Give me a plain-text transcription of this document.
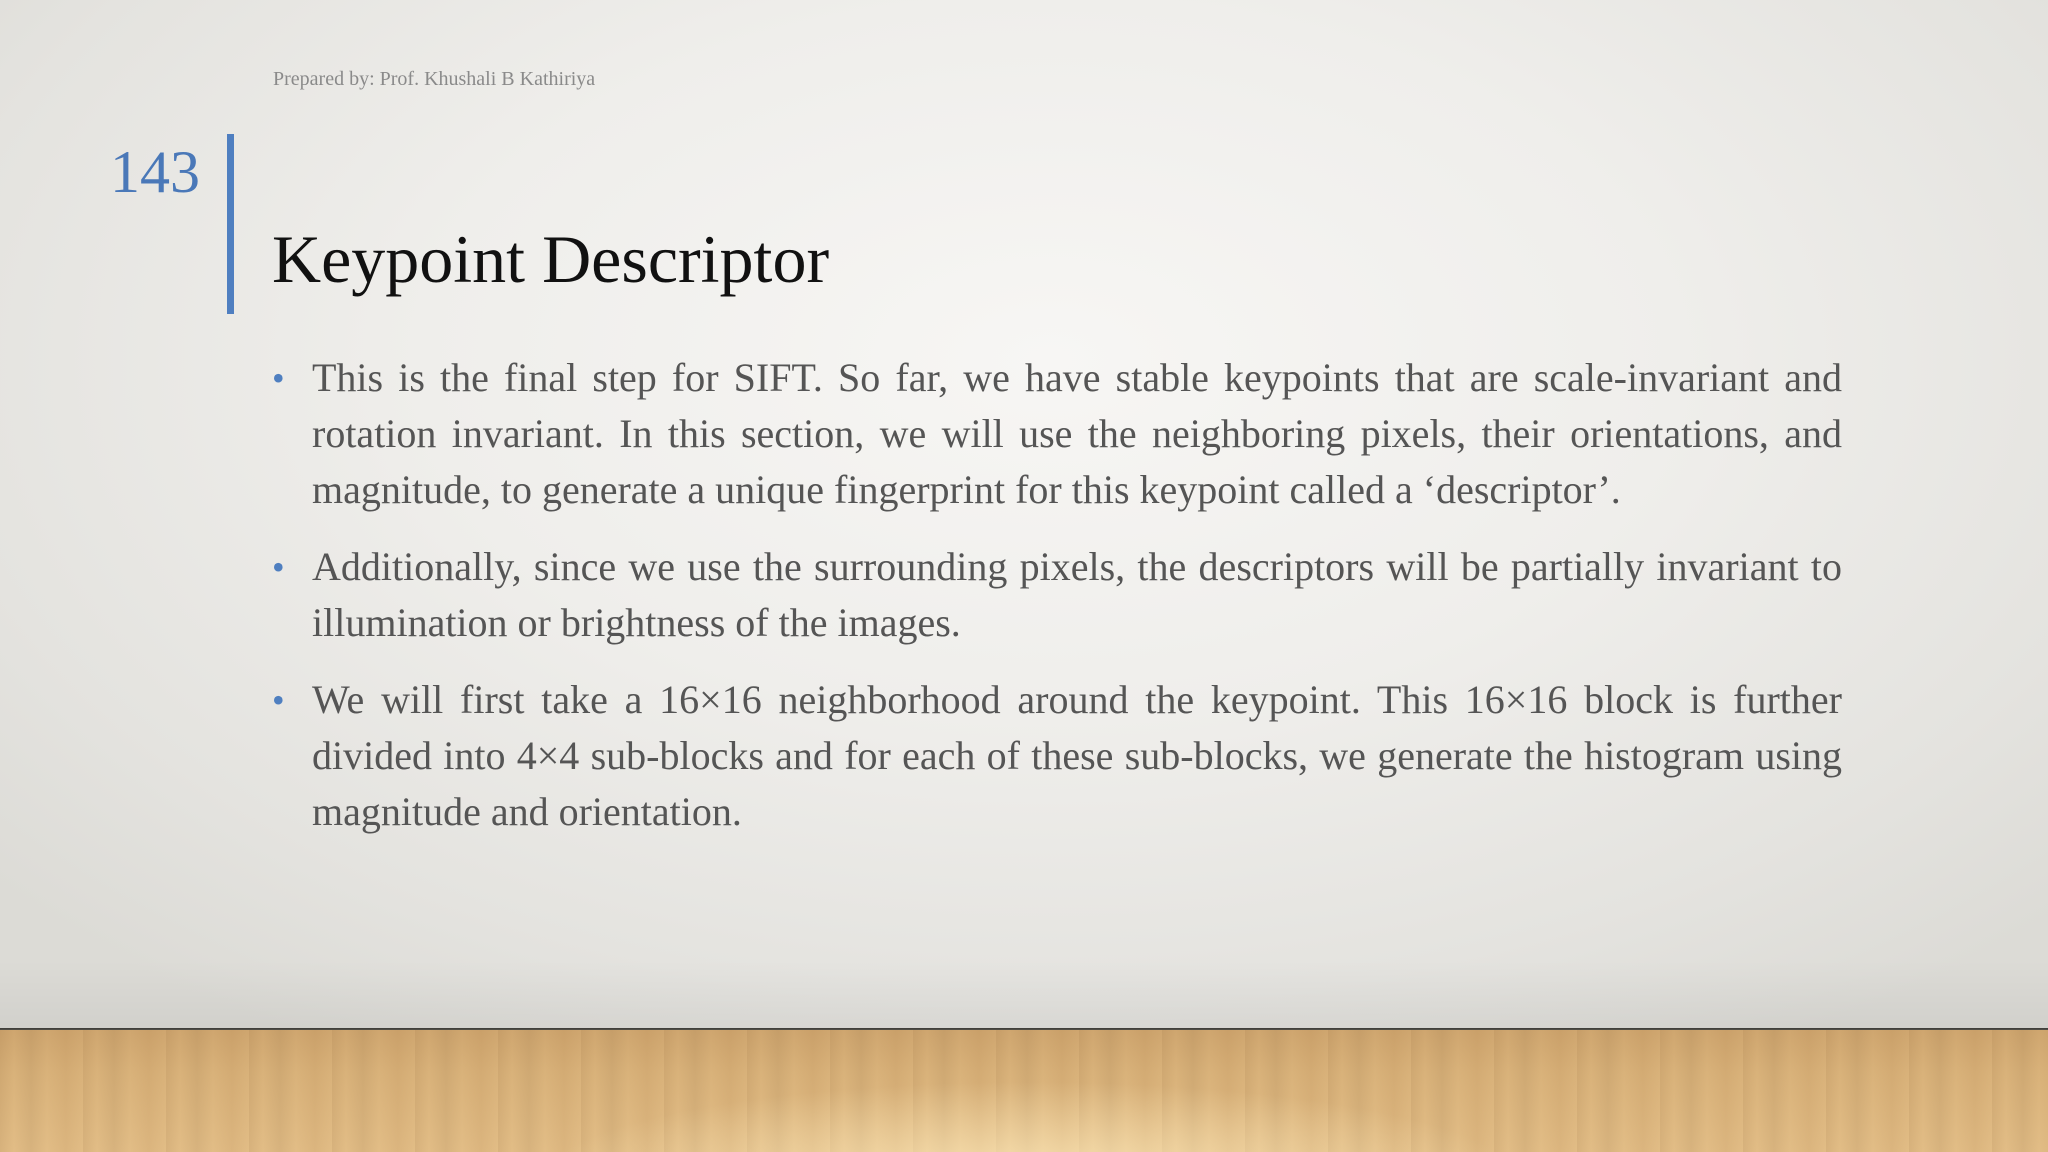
Prepared by: Prof. Khushali B Kathiriya
143
Keypoint Descriptor
• This is the final step for SIFT. So far, we have stable keypoints that are scale-invariant and rotation invariant. In this section, we will use the neighboring pixels, their orientations, and magnitude, to generate a unique fingerprint for this keypoint called a ‘descriptor’.
• Additionally, since we use the surrounding pixels, the descriptors will be partially invariant to illumination or brightness of the images.
• We will first take a 16×16 neighborhood around the keypoint. This 16×16 block is further divided into 4×4 sub-blocks and for each of these sub-blocks, we generate the histogram using magnitude and orientation.
